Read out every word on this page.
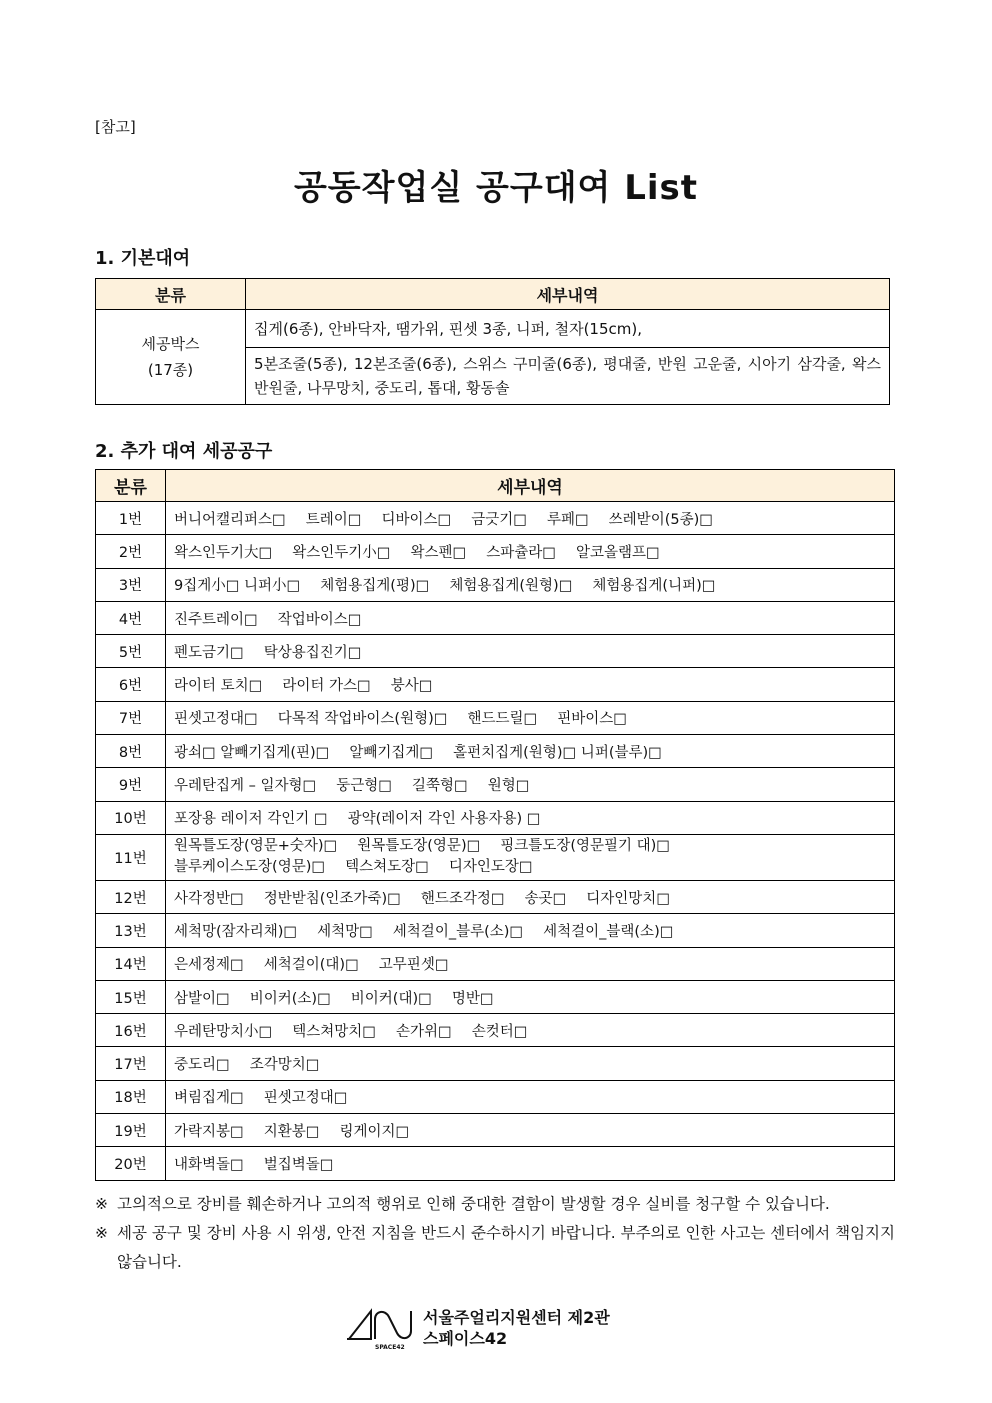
[참고]
공동작업실 공구대여 List
1. 기본대여
분류	세부내역
세공박스
(17종)	집게(6종), 안바닥자, 땜가위, 핀셋 3종, 니퍼, 철자(15cm),
	5본조줄(5종), 12본조줄(6종), 스위스 구미줄(6종), 평대줄, 반원 고운줄, 시아기 삼각줄, 왁스반원줄, 나무망치, 중도리, 톱대, 황동솔
2. 추가 대여 세공공구
분류	세부내역
1번	버니어캘리퍼스□ 트레이□ 디바이스□ 금긋기□ 루페□ 쓰레받이(5종)□
2번	왁스인두기大□ 왁스인두기小□ 왁스펜□ 스파츌라□ 알코올램프□
3번	9집게小□ 니퍼小□ 체험용집게(평)□ 체험용집게(원형)□ 체험용집게(니퍼)□
4번	진주트레이□ 작업바이스□
5번	펜도금기□ 탁상용집진기□
6번	라이터 토치□ 라이터 가스□ 붕사□
7번	핀셋고정대□ 다목적 작업바이스(원형)□ 핸드드릴□ 핀바이스□
8번	광쇠□ 알빼기집게(핀)□ 알빼기집게□ 홀펀치집게(원형)□ 니퍼(블루)□
9번	우레탄집게 – 일자형□ 둥근형□ 길쭉형□ 원형□
10번	포장용 레이저 각인기 □ 광약(레이저 각인 사용자용) □
11번	원목틀도장(영문+숫자)□ 원목틀도장(영문)□ 핑크틀도장(영문필기 대)□
블루케이스도장(영문)□ 텍스쳐도장□ 디자인도장□

12번	사각정반□ 정반받침(인조가죽)□ 핸드조각정□ 송곳□ 디자인망치□
13번	세척망(잠자리채)□ 세척망□ 세척걸이_블루(소)□ 세척걸이_블랙(소)□
14번	은세정제□ 세척걸이(대)□ 고무핀셋□
15번	삼발이□ 비이커(소)□ 비이커(대)□ 명반□
16번	우레탄망치小□ 텍스쳐망치□ 손가위□ 손컷터□
17번	중도리□ 조각망치□
18번	벼림집게□ 핀셋고정대□
19번	가락지봉□ 지환봉□ 링게이지□
20번	내화벽돌□ 벌집벽돌□
※ 고의적으로 장비를 훼손하거나 고의적 행위로 인해 중대한 결함이 발생할 경우 실비를 청구할 수 있습니다.
※ 세공 공구 및 장비 사용 시 위생, 안전 지침을 반드시 준수하시기 바랍니다. 부주의로 인한 사고는 센터에서 책임지지 않습니다.
SPACE42
서울주얼리지원센터 제2관
스페이스42
